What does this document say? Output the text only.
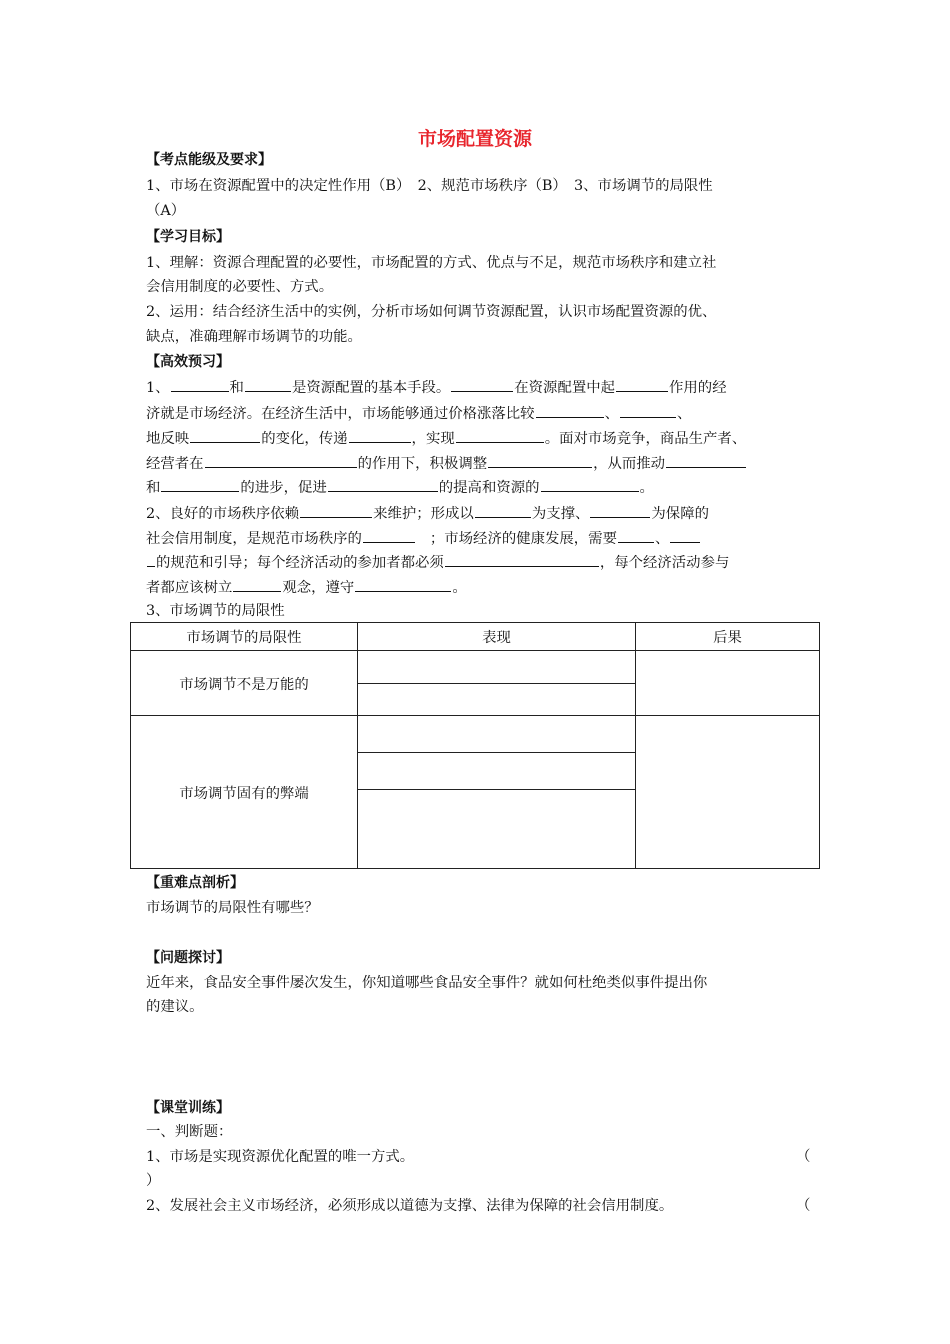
市场配置资源
【考点能级及要求】
1、市场在资源配置中的决定性作用（B）　2、规范市场秩序（B）　3、市场调节的局限性
（A）
【学习目标】
1、理解：资源合理配置的必要性，市场配置的方式、优点与不足，规范市场秩序和建立社
会信用制度的必要性、方式。
2、运用：结合经济生活中的实例，分析市场如何调节资源配置，认识市场配置资源的优、
缺点，准确理解市场调节的功能。
【高效预习】
1、	和	是资源配置的基本手段。	在资源配置中起	作用的经
济就是市场经济。在经济生活中，市场能够通过价格涨落比较	、	、
地反映	的变化，传递	，实现	。面对市场竞争，商品生产者、
经营者在	的作用下，积极调整	，从而推动
和	的进步，促进	的提高和资源的	。
2、良好的市场秩序依赖	来维护；形成以	为支撑、	为保障的
社会信用制度，是规范市场秩序的	；市场经济的健康发展，需要	、
的规范和引导；每个经济活动的参加者都必须	，每个经济活动参与
者都应该树立	观念，遵守	。
3、市场调节的局限性
市场调节的局限性	表现	后果
市场调节不是万能的	

市场调节固有的弊端	

【重难点剖析】
市场调节的局限性有哪些？
【问题探讨】
近年来，食品安全事件屡次发生，你知道哪些食品安全事件？就如何杜绝类似事件提出你
的建议。
【课堂训练】
一、判断题：
1、市场是实现资源优化配置的唯一方式。	（
）
2、发展社会主义市场经济，必须形成以道德为支撑、法律为保障的社会信用制度。	（
